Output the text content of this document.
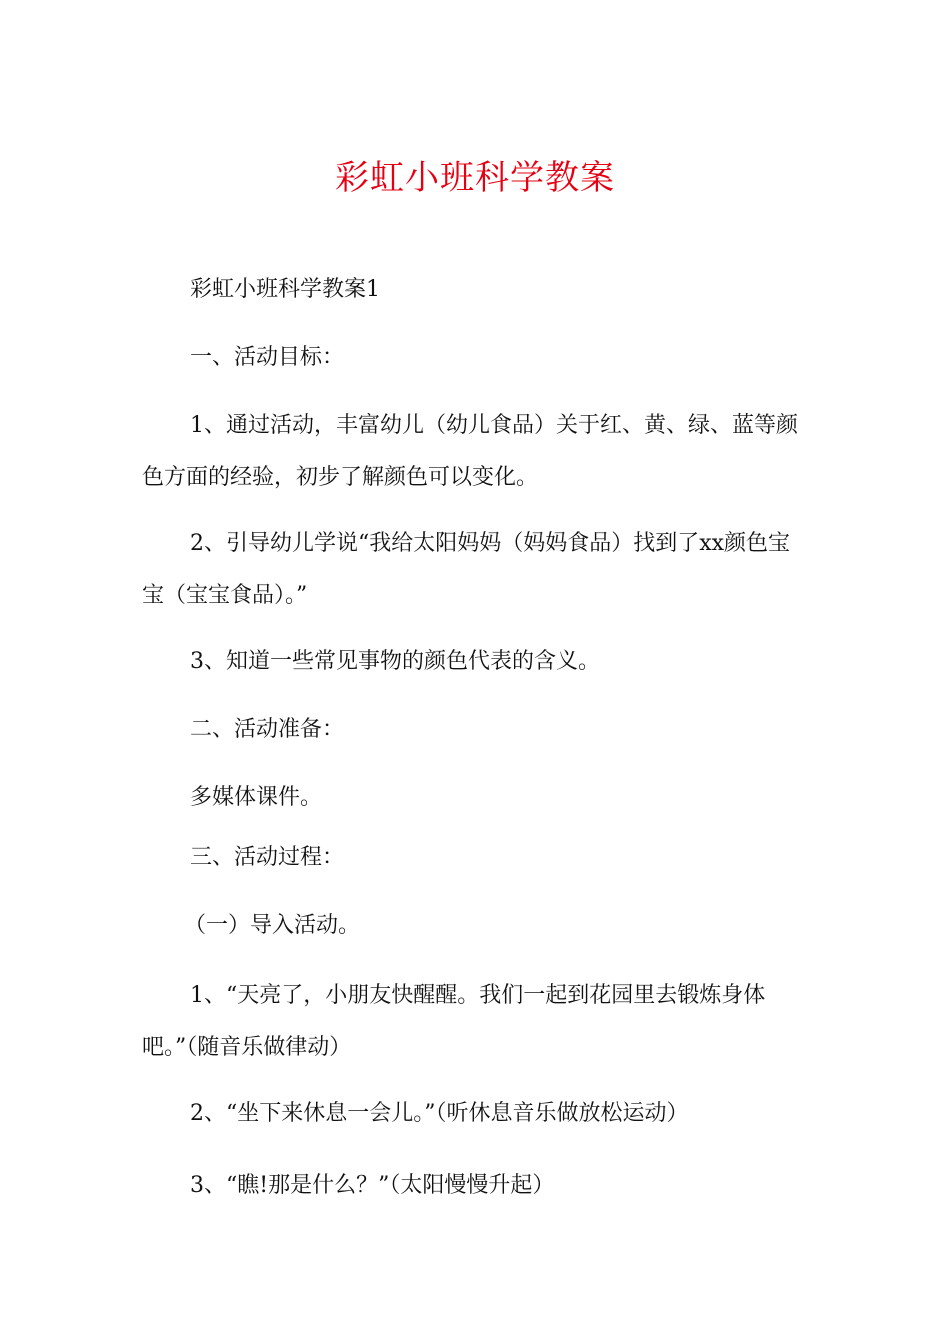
彩虹小班科学教案

彩虹小班科学教案1

一、活动目标：

1、通过活动，丰富幼儿（幼儿食品）关于红、黄、绿、蓝等颜色方面的经验，初步了解颜色可以变化。

2、引导幼儿学说“我给太阳妈妈（妈妈食品）找到了xx颜色宝宝（宝宝食品）。”

3、知道一些常见事物的颜色代表的含义。

二、活动准备：

多媒体课件。

三、活动过程：

（一）导入活动。

1、“天亮了，小朋友快醒醒。我们一起到花园里去锻炼身体吧。”（随音乐做律动）

2、“坐下来休息一会儿。”（听休息音乐做放松运动）

3、“瞧!那是什么？”（太阳慢慢升起）
